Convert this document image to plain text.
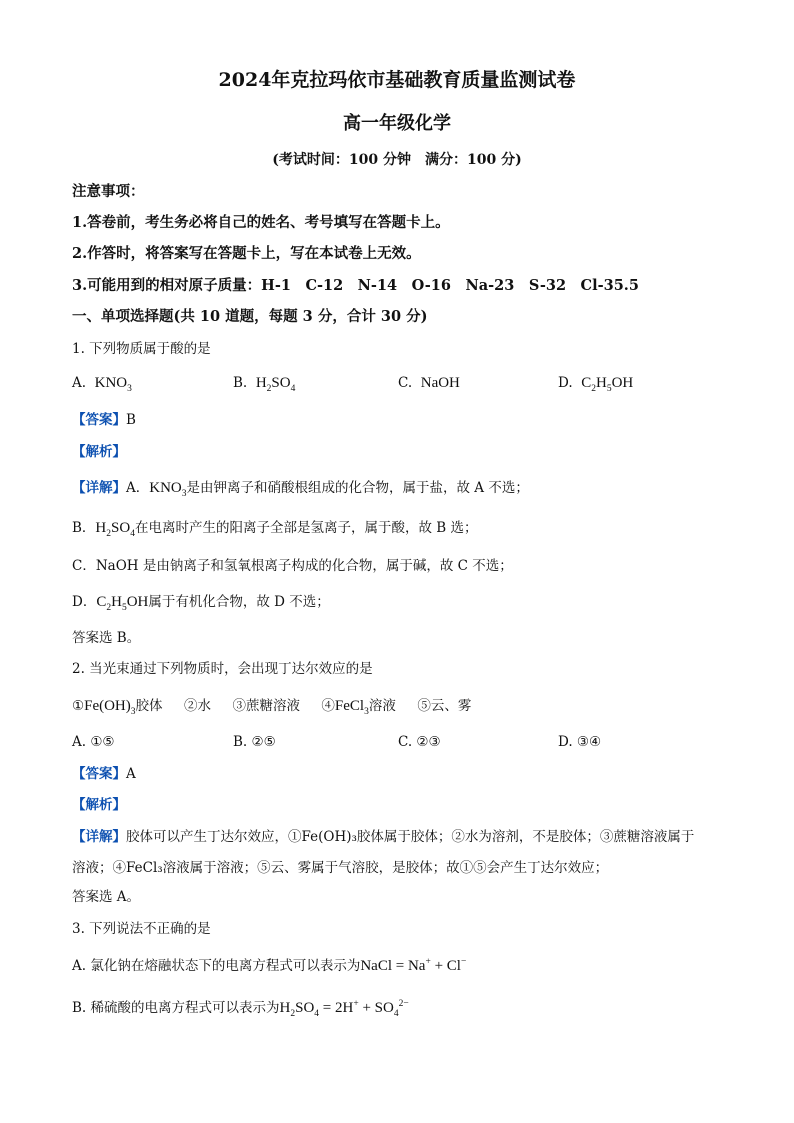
2024年克拉玛依市基础教育质量监测试卷
高一年级化学
(考试时间：100 分钟　满分：100 分)
注意事项：
1.答卷前，考生务必将自己的姓名、考号填写在答题卡上。
2.作答时，将答案写在答题卡上，写在本试卷上无效。
3.可能用到的相对原子质量：H-1　C-12　N-14　O-16　Na-23　S-32　Cl-35.5
一、单项选择题(共 10 道题，每题 3 分，合计 30 分)
1. 下列物质属于酸的是
A. $KNO_3$	B. $H_2SO_4$	C. NaOH	D. $C_2H_5OH$
【答案】B
【解析】
【详解】A．$KNO_3$是由钾离子和硝酸根组成的化合物，属于盐，故 A 不选；
B．$H_2SO_4$在电离时产生的阳离子全部是氢离子，属于酸，故 B 选；
C．NaOH 是由钠离子和氢氧根离子构成的化合物，属于碱，故 C 不选；
D．$C_2H_5OH$属于有机化合物，故 D 不选；
答案选 B。
2. 当光束通过下列物质时，会出现丁达尔效应的是
$①Fe(OH)_3$胶体 ②水 ③蔗糖溶液 ④FeCl$_3$溶液 ⑤云、雾
A. ①⑤	B. ②⑤	C. ②③	D. ③④
【答案】A
【解析】
【详解】胶体可以产生丁达尔效应，①Fe(OH)₃胶体属于胶体；②水为溶剂，不是胶体；③蔗糖溶液属于
溶液；④FeCl₃溶液属于溶液；⑤云、雾属于气溶胶，是胶体；故①⑤会产生丁达尔效应；
答案选 A。
3. 下列说法不正确的是
A. 氯化钠在熔融状态下的电离方程式可以表示为NaCl = Na+ + Cl−
B. 稀硫酸的电离方程式可以表示为$H_2SO_4 = 2H^+ + SO_4^{2-}$
